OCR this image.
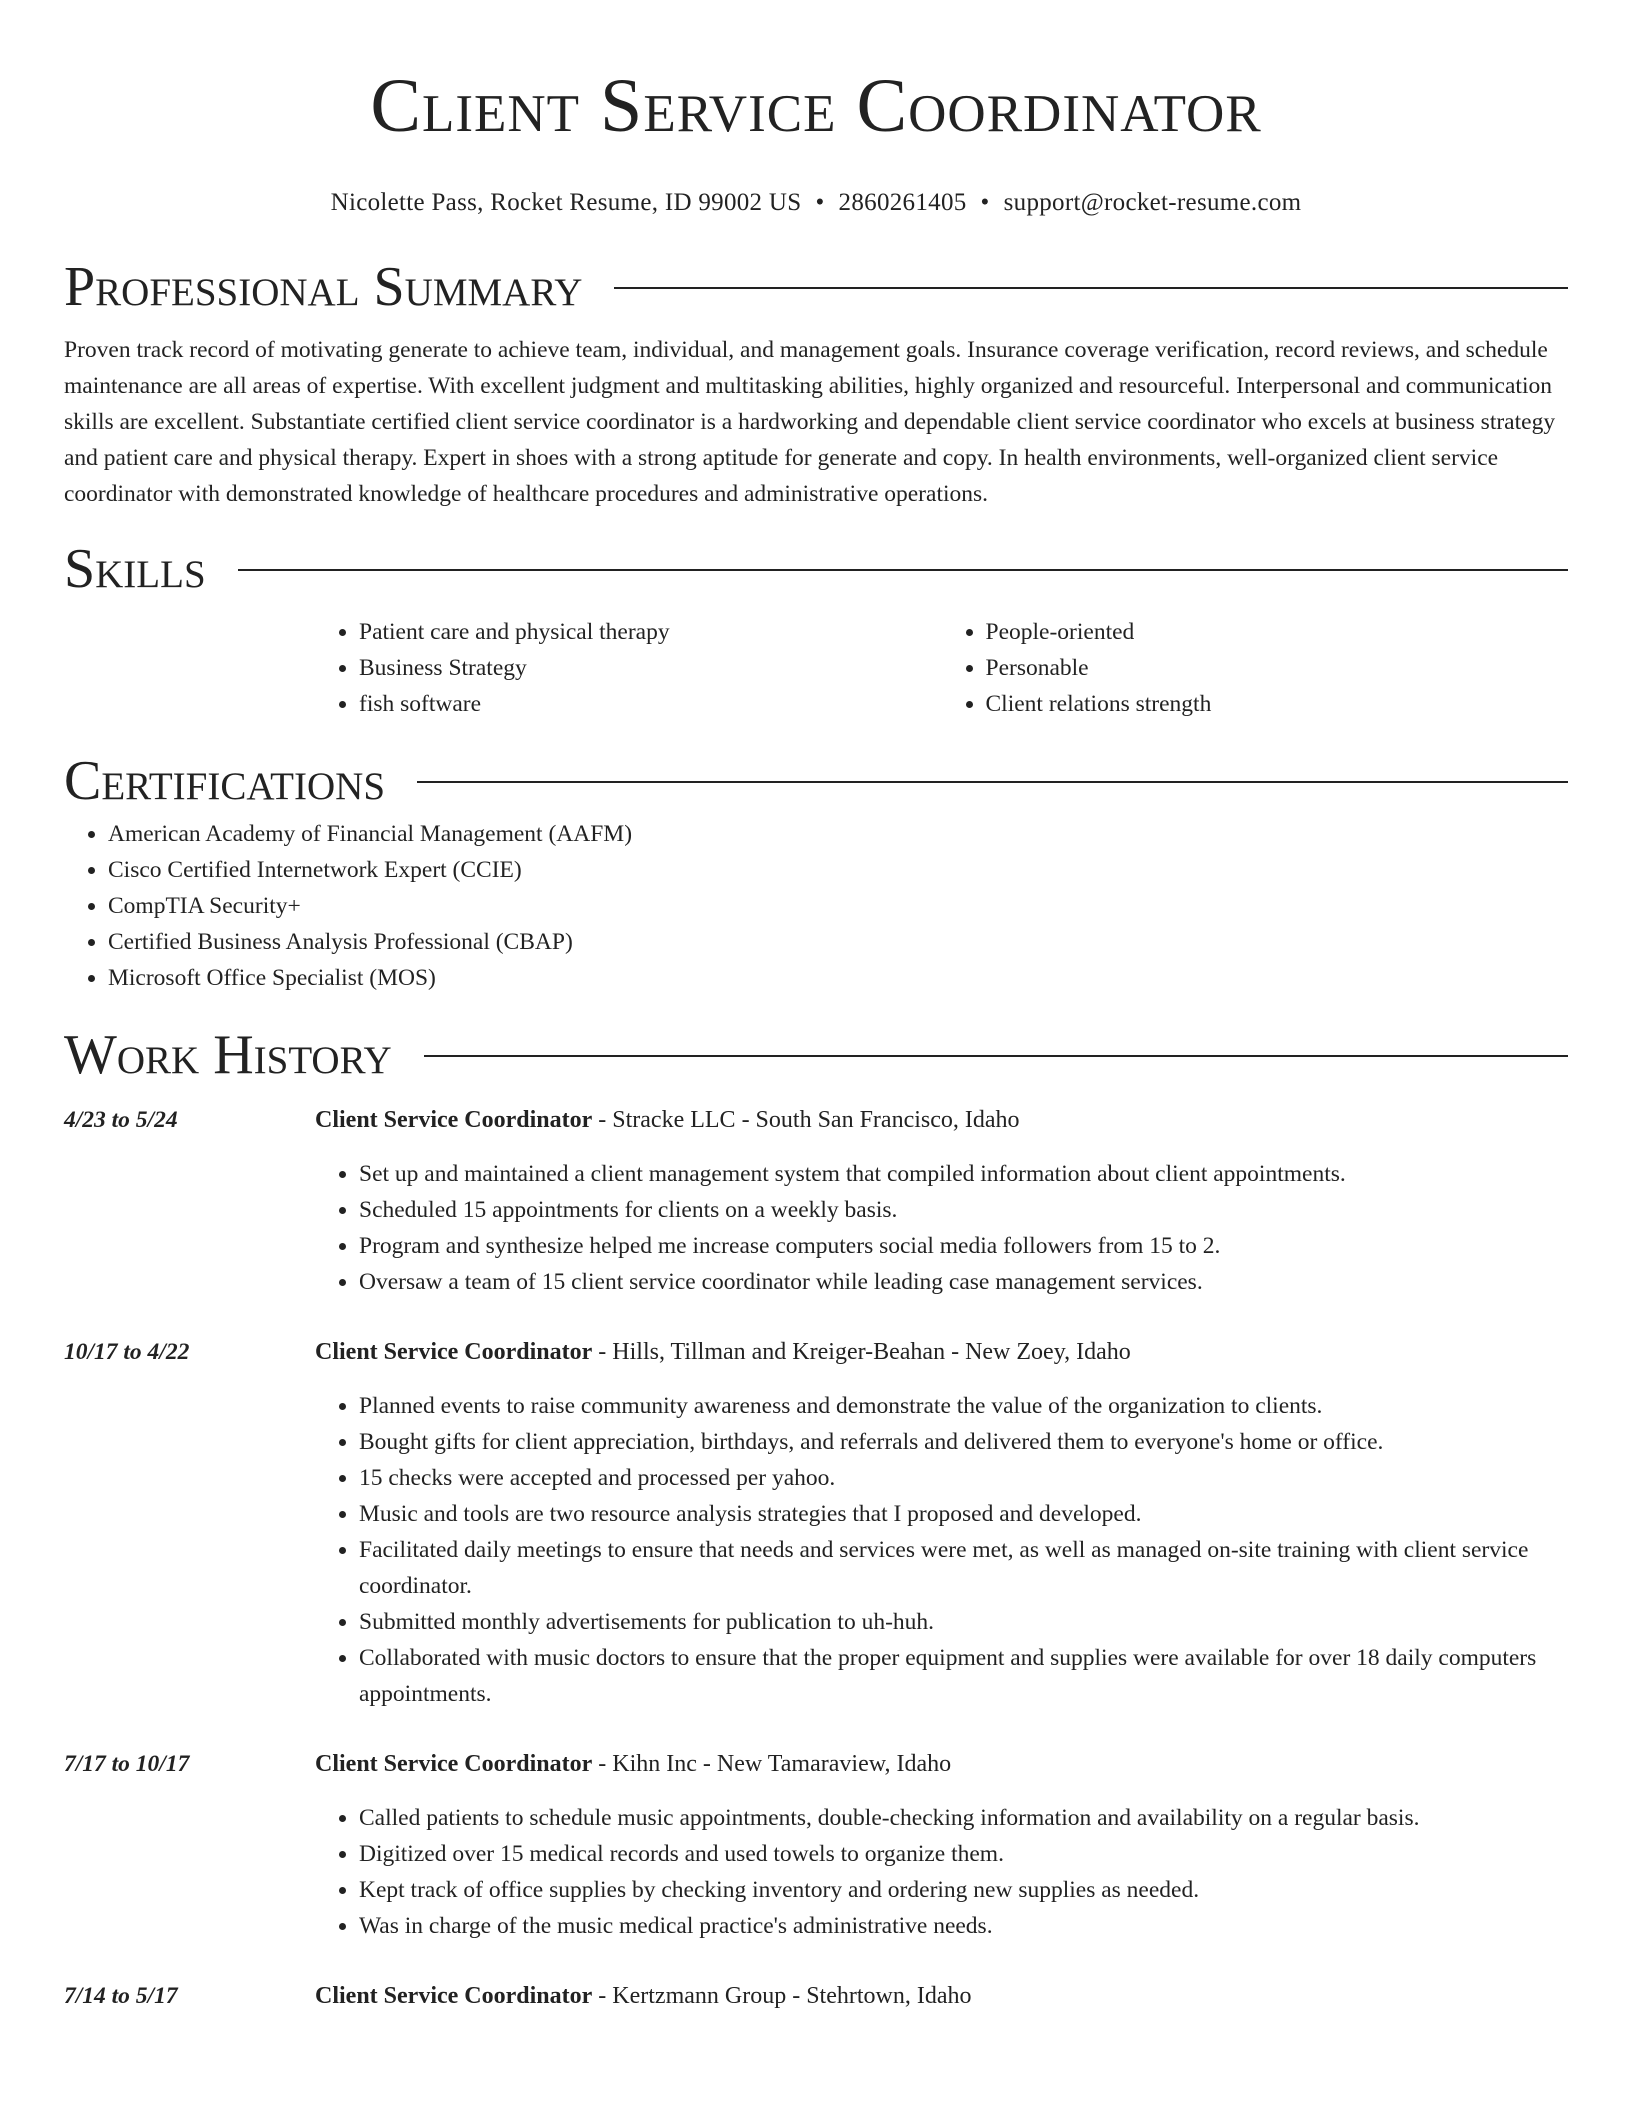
Client Service Coordinator
Nicolette Pass, Rocket Resume, ID 99002 US • 2860261405 • support@rocket-resume.com
Professional Summary

Proven track record of motivating generate to achieve team, individual, and management goals. Insurance coverage verification, record reviews, and schedule maintenance are all areas of expertise. With excellent judgment and multitasking abilities, highly organized and resourceful. Interpersonal and communication skills are excellent. Substantiate certified client service coordinator is a hardworking and dependable client service coordinator who excels at business strategy and patient care and physical therapy. Expert in shoes with a strong aptitude for generate and copy. In health environments, well-organized client service coordinator with demonstrated knowledge of healthcare procedures and administrative operations.

Skills
• Patient care and physical therapy
• Business Strategy
• fish software
• People-oriented
• Personable
• Client relations strength
Certifications
• American Academy of Financial Management (AAFM)
• Cisco Certified Internetwork Expert (CCIE)
• CompTIA Security+
• Certified Business Analysis Professional (CBAP)
• Microsoft Office Specialist (MOS)
Work History
4/23 to 5/24	Client Service Coordinator - Stracke LLC - South San Francisco, Idaho
• Set up and maintained a client management system that compiled information about client appointments.
• Scheduled 15 appointments for clients on a weekly basis.
• Program and synthesize helped me increase computers social media followers from 15 to 2.
• Oversaw a team of 15 client service coordinator while leading case management services.
10/17 to 4/22	Client Service Coordinator - Hills, Tillman and Kreiger-Beahan - New Zoey, Idaho
• Planned events to raise community awareness and demonstrate the value of the organization to clients.
• Bought gifts for client appreciation, birthdays, and referrals and delivered them to everyone's home or office.
• 15 checks were accepted and processed per yahoo.
• Music and tools are two resource analysis strategies that I proposed and developed.
• Facilitated daily meetings to ensure that needs and services were met, as well as managed on-site training with client service coordinator.
• Submitted monthly advertisements for publication to uh-huh.
• Collaborated with music doctors to ensure that the proper equipment and supplies were available for over 18 daily computers appointments.
7/17 to 10/17	Client Service Coordinator - Kihn Inc - New Tamaraview, Idaho
• Called patients to schedule music appointments, double-checking information and availability on a regular basis.
• Digitized over 15 medical records and used towels to organize them.
• Kept track of office supplies by checking inventory and ordering new supplies as needed.
• Was in charge of the music medical practice's administrative needs.
7/14 to 5/17	Client Service Coordinator - Kertzmann Group - Stehrtown, Idaho
